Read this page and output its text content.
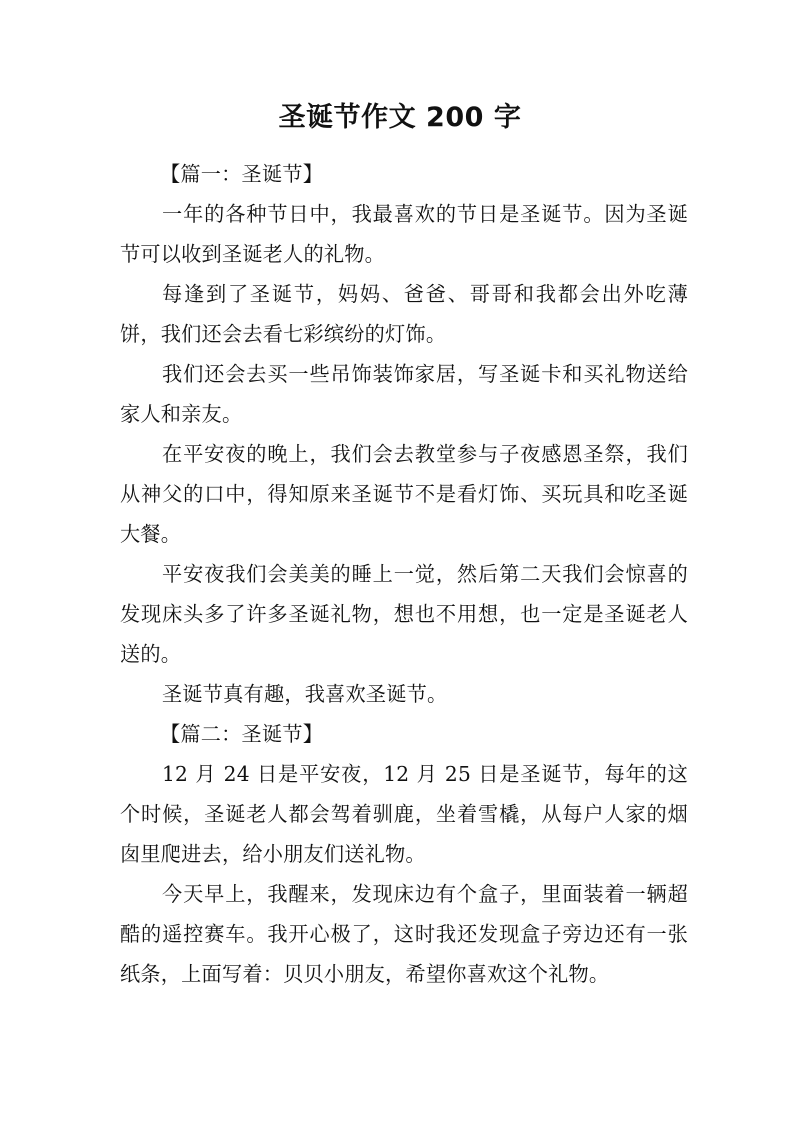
圣诞节作文 200 字

【篇一：圣诞节】

一年的各种节日中，我最喜欢的节日是圣诞节。因为圣诞节可以收到圣诞老人的礼物。

每逢到了圣诞节，妈妈、爸爸、哥哥和我都会出外吃薄饼，我们还会去看七彩缤纷的灯饰。

我们还会去买一些吊饰装饰家居，写圣诞卡和买礼物送给家人和亲友。

在平安夜的晚上，我们会去教堂参与子夜感恩圣祭，我们从神父的口中，得知原来圣诞节不是看灯饰、买玩具和吃圣诞大餐。

平安夜我们会美美的睡上一觉，然后第二天我们会惊喜的发现床头多了许多圣诞礼物，想也不用想，也一定是圣诞老人送的。

圣诞节真有趣，我喜欢圣诞节。

【篇二：圣诞节】

12 月 24 日是平安夜，12 月 25 日是圣诞节，每年的这个时候，圣诞老人都会驾着驯鹿，坐着雪橇，从每户人家的烟囱里爬进去，给小朋友们送礼物。

今天早上，我醒来，发现床边有个盒子，里面装着一辆超酷的遥控赛车。我开心极了，这时我还发现盒子旁边还有一张纸条，上面写着：贝贝小朋友，希望你喜欢这个礼物。
